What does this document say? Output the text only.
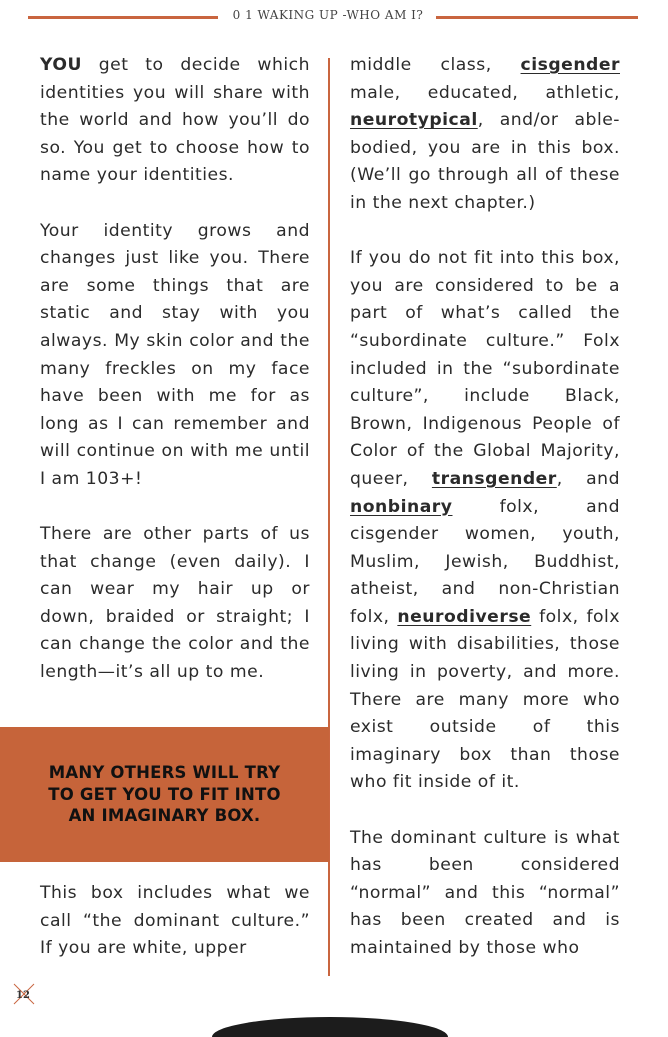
0 1 WAKING UP -WHO AM I?

YOU get to decide which identities you will share with the world and how you’ll do so. You get to choose how to name your identities.

Your identity grows and changes just like you. There are some things that are static and stay with you always. My skin color and the many freckles on my face have been with me for as long as I can remember and will continue on with me until I am 103+!

There are other parts of us that change (even daily). I can wear my hair up or down, braided or straight; I can change the color and the length—it’s all up to me.

MANY OTHERS WILL TRY TO GET YOU TO FIT INTO AN IMAGINARY BOX.

This box includes what we call “the dominant culture.” If you are white, upper

middle class, cisgender male, educated, athletic, neurotypical, and/or able-bodied, you are in this box. (We’ll go through all of these in the next chapter.)

If you do not fit into this box, you are considered to be a part of what’s called the “subordinate culture.” Folx included in the “subordinate culture”, include Black, Brown, Indigenous People of Color of the Global Majority, queer, transgender, and nonbinary folx, and cisgender women, youth, Muslim, Jewish, Buddhist, atheist, and non-Christian folx, neurodiverse folx, folx living with disabilities, those living in poverty, and more. There are many more who exist outside of this imaginary box than those who fit inside of it.

The dominant culture is what has been considered “normal” and this “normal” has been created and is maintained by those who

12
